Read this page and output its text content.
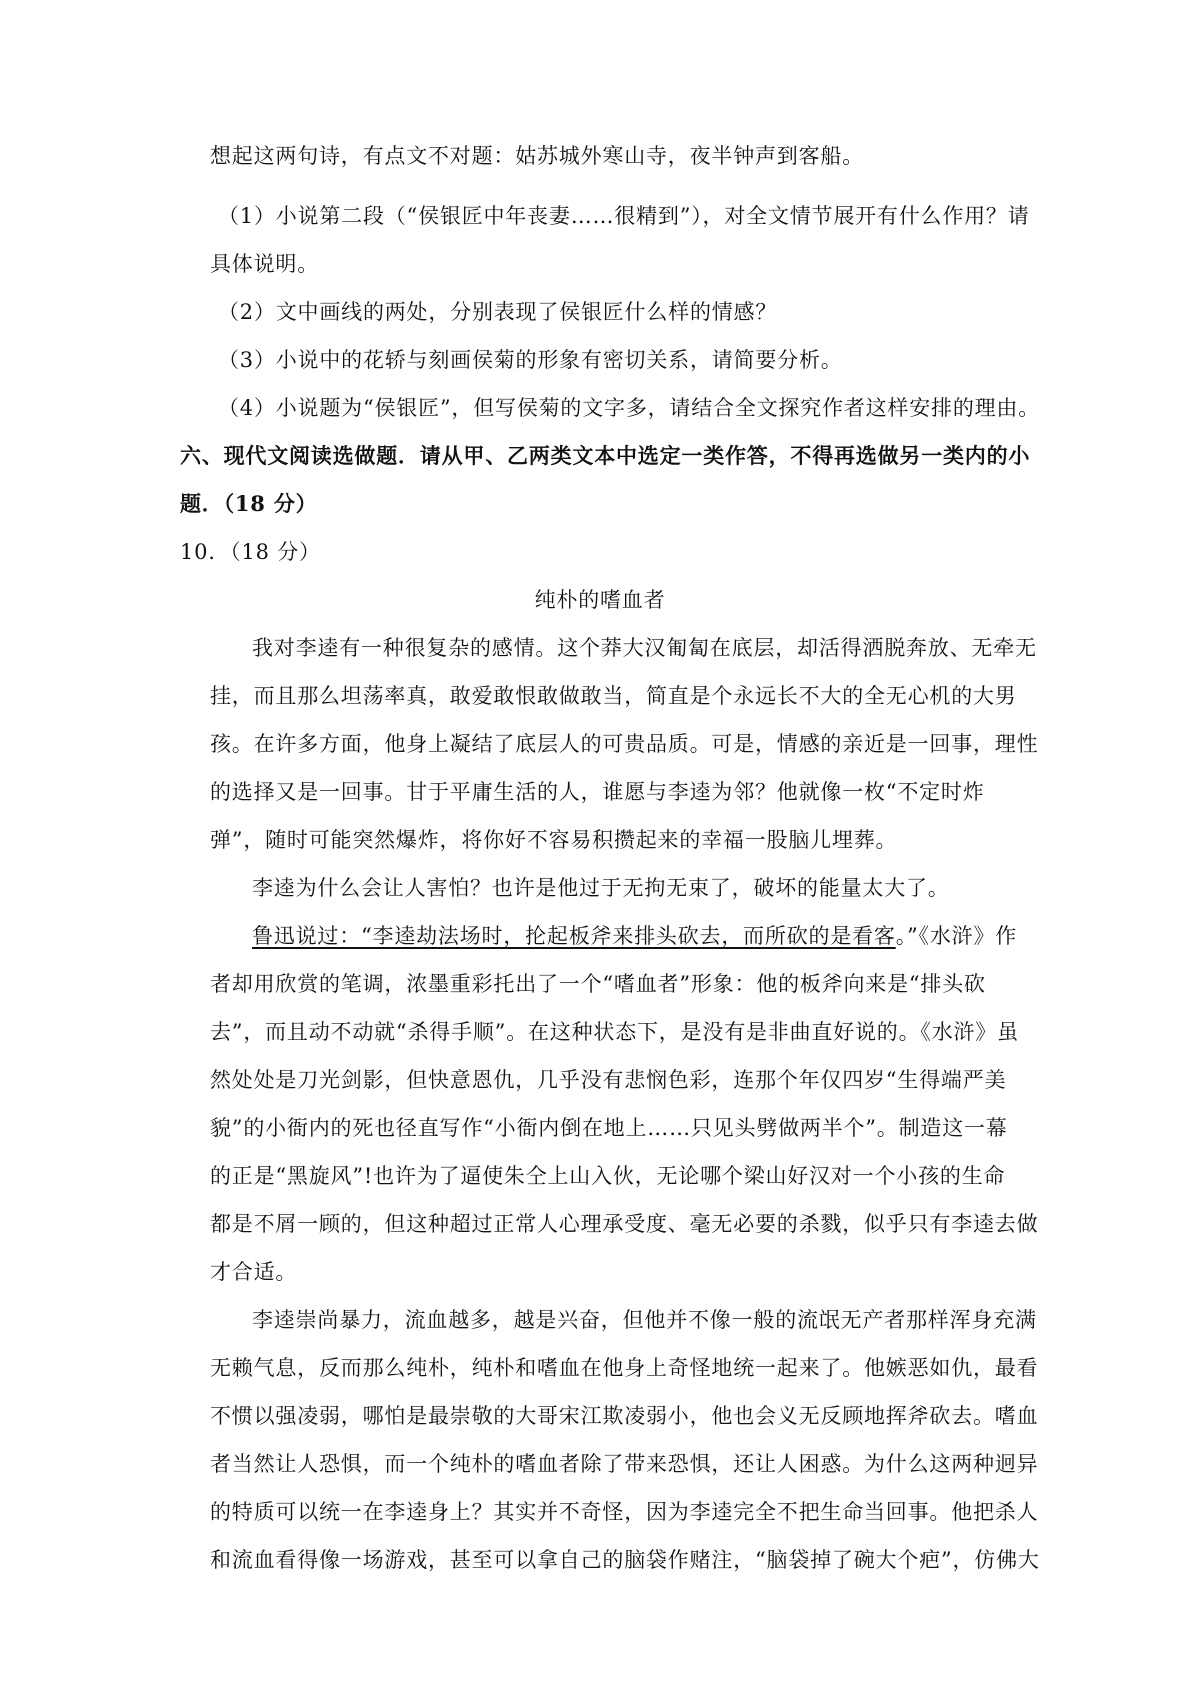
想起这两句诗，有点文不对题：姑苏城外寒山寺，夜半钟声到客船。
（1）小说第二段（“侯银匠中年丧妻……很精到”），对全文情节展开有什么作用？请
具体说明。
（2）文中画线的两处，分别表现了侯银匠什么样的情感？
（3）小说中的花轿与刻画侯菊的形象有密切关系，请简要分析。
（4）小说题为“侯银匠”，但写侯菊的文字多，请结合全文探究作者这样安排的理由。
六、现代文阅读选做题．请从甲、乙两类文本中选定一类作答，不得再选做另一类内的小
题．（18 分）
10．（18 分）
纯朴的嗜血者
我对李逵有一种很复杂的感情。这个莽大汉匍匐在底层，却活得洒脱奔放、无牵无
挂，而且那么坦荡率真，敢爱敢恨敢做敢当，简直是个永远长不大的全无心机的大男
孩。在许多方面，他身上凝结了底层人的可贵品质。可是，情感的亲近是一回事，理性
的选择又是一回事。甘于平庸生活的人，谁愿与李逵为邻？他就像一枚“不定时炸
弹”，随时可能突然爆炸，将你好不容易积攒起来的幸福一股脑儿埋葬。
李逵为什么会让人害怕？也许是他过于无拘无束了，破坏的能量太大了。
鲁迅说过：“李逵劫法场时，抡起板斧来排头砍去，而所砍的是看客。”《水浒》作
者却用欣赏的笔调，浓墨重彩托出了一个“嗜血者”形象：他的板斧向来是“排头砍
去”，而且动不动就“杀得手顺”。在这种状态下，是没有是非曲直好说的。《水浒》虽
然处处是刀光剑影，但快意恩仇，几乎没有悲悯色彩，连那个年仅四岁“生得端严美
貌”的小衙内的死也径直写作“小衙内倒在地上……只见头劈做两半个”。制造这一幕
的正是“黑旋风”!也许为了逼使朱仝上山入伙，无论哪个梁山好汉对一个小孩的生命
都是不屑一顾的，但这种超过正常人心理承受度、毫无必要的杀戮，似乎只有李逵去做
才合适。
李逵崇尚暴力，流血越多，越是兴奋，但他并不像一般的流氓无产者那样浑身充满
无赖气息，反而那么纯朴，纯朴和嗜血在他身上奇怪地统一起来了。他嫉恶如仇，最看
不惯以强凌弱，哪怕是最崇敬的大哥宋江欺凌弱小，他也会义无反顾地挥斧砍去。嗜血
者当然让人恐惧，而一个纯朴的嗜血者除了带来恐惧，还让人困惑。为什么这两种迥异
的特质可以统一在李逵身上？其实并不奇怪，因为李逵完全不把生命当回事。他把杀人
和流血看得像一场游戏，甚至可以拿自己的脑袋作赌注，“脑袋掉了碗大个疤”，仿佛大
